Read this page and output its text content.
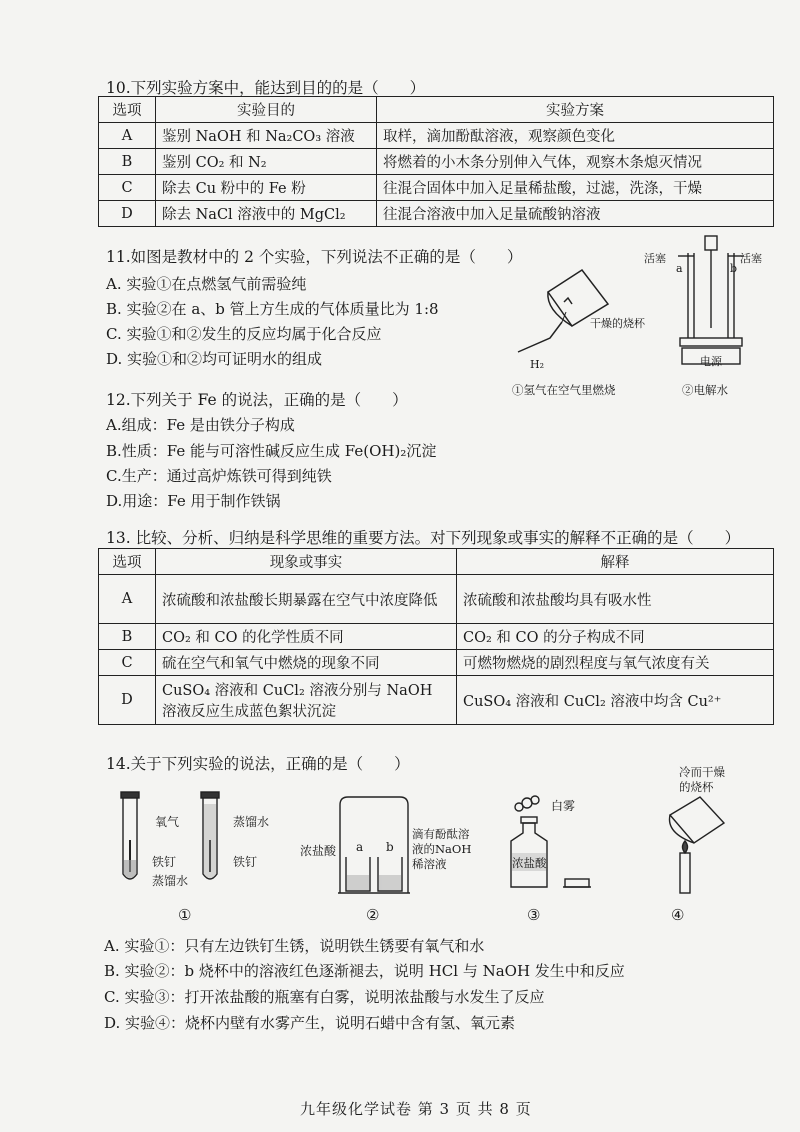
10.下列实验方案中，能达到目的的是（　　）
选项	实验目的	实验方案
A	鉴别 NaOH 和 Na₂CO₃ 溶液	取样，滴加酚酞溶液，观察颜色变化
B	鉴别 CO₂ 和 N₂	将燃着的小木条分别伸入气体，观察木条熄灭情况
C	除去 Cu 粉中的 Fe 粉	往混合固体中加入足量稀盐酸，过滤，洗涤，干燥
D	除去 NaCl 溶液中的 MgCl₂	往混合溶液中加入足量硫酸钠溶液
11.如图是教材中的 2 个实验，下列说法不正确的是（　　）
A. 实验①在点燃氢气前需验纯
B. 实验②在 a、b 管上方生成的气体质量比为 1:8
C. 实验①和②发生的反应均属于化合反应
D. 实验①和②均可证明水的组成
干燥的烧杯
H₂
①氢气在空气里燃烧
活塞	活塞
a	b
电源
②电解水
12.下列关于 Fe 的说法，正确的是（　　）
A.组成：Fe 是由铁分子构成
B.性质：Fe 能与可溶性碱反应生成 Fe(OH)₂沉淀
C.生产：通过高炉炼铁可得到纯铁
D.用途：Fe 用于制作铁锅
13. 比较、分析、归纳是科学思维的重要方法。对下列现象或事实的解释不正确的是（　　）
选项	现象或事实	解释
A	浓硫酸和浓盐酸长期暴露在空气中浓度降低	浓硫酸和浓盐酸均具有吸水性
B	CO₂ 和 CO 的化学性质不同	CO₂ 和 CO 的分子构成不同
C	硫在空气和氧气中燃烧的现象不同	可燃物燃烧的剧烈程度与氧气浓度有关
D	CuSO₄ 溶液和 CuCl₂ 溶液分别与 NaOH 溶液反应生成蓝色絮状沉淀	CuSO₄ 溶液和 CuCl₂ 溶液中均含 Cu²⁺
14.关于下列实验的说法，正确的是（　　）
氧气	蒸馏水
铁钉	铁钉
蒸馏水
浓盐酸 a b
滴有酚酞溶
液的NaOH
稀溶液
白雾
浓盐酸
冷而干燥
的烧杯
①	②	③	④
A. 实验①：只有左边铁钉生锈，说明铁生锈要有氧气和水
B. 实验②：b 烧杯中的溶液红色逐渐褪去，说明 HCl 与 NaOH 发生中和反应
C. 实验③：打开浓盐酸的瓶塞有白雾，说明浓盐酸与水发生了反应
D. 实验④：烧杯内壁有水雾产生，说明石蜡中含有氢、氧元素
九年级化学试卷 第 3 页 共 8 页
